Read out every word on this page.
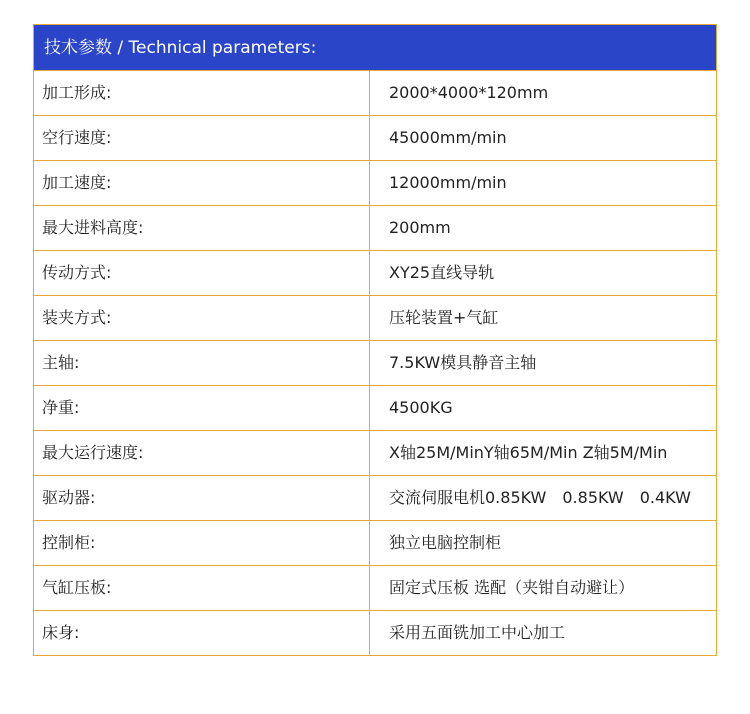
技术参数 / Technical parameters:
加工形成:	2000*4000*120mm
空行速度:	45000mm/min
加工速度:	12000mm/min
最大进料高度:	200mm
传动方式:	XY25直线导轨
装夹方式:	压轮装置+气缸
主轴:	7.5KW模具静音主轴
净重:	4500KG
最大运行速度:	X轴25M/MinY轴65M/Min Z轴5M/Min
驱动器:	交流伺服电机0.85KW　0.85KW　0.4KW
控制柜:	独立电脑控制柜
气缸压板:	固定式压板 选配（夹钳自动避让）
床身:	采用五面铣加工中心加工
